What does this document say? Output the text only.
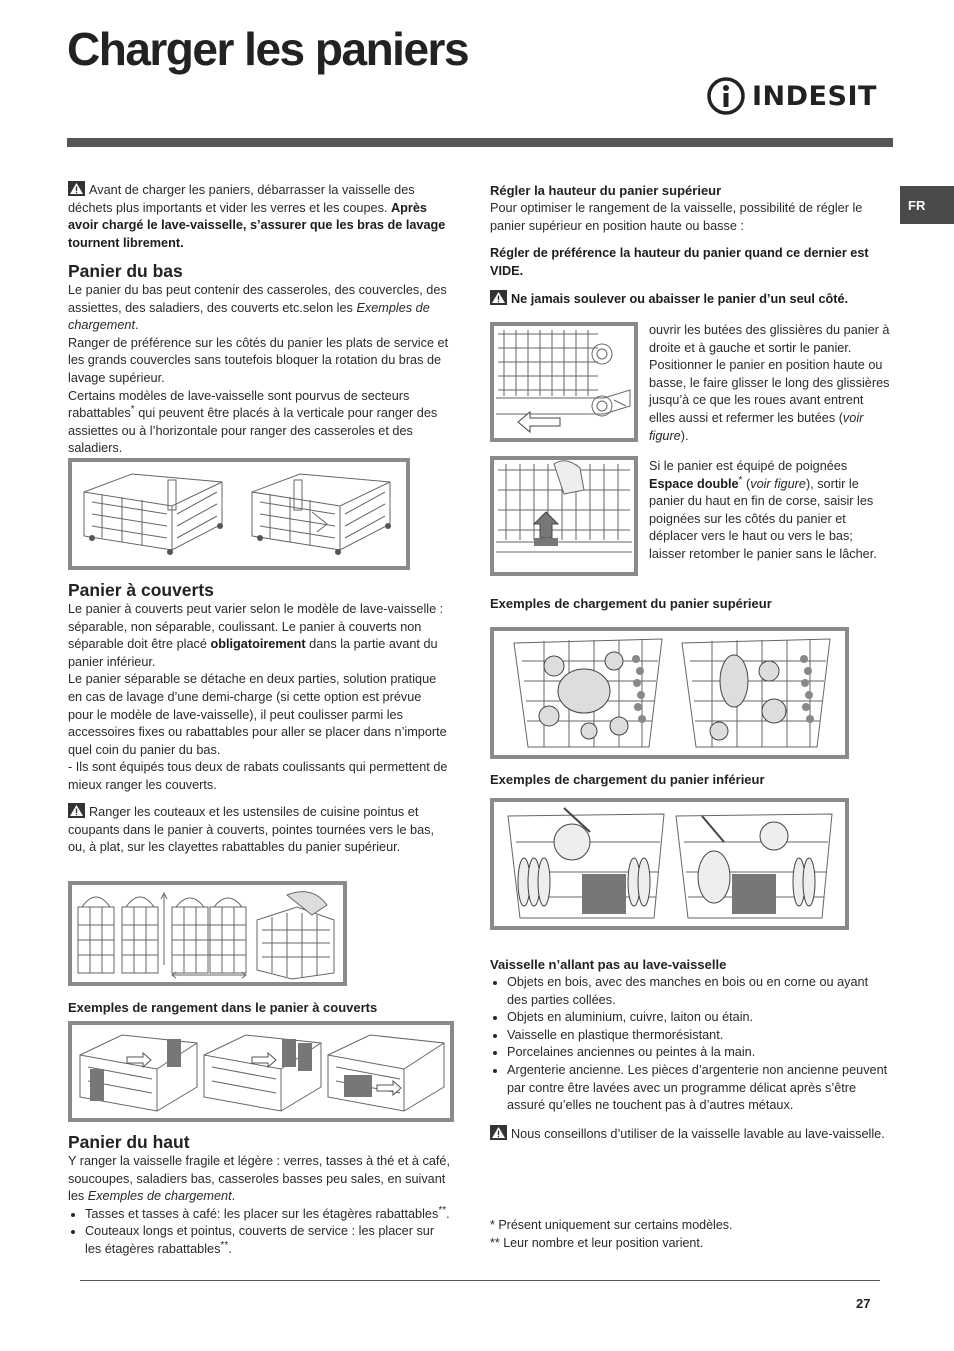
Charger les paniers
INDESIT
FR

Avant de charger les paniers, débarrasser la vaisselle des déchets plus importants et vider les verres et les coupes. Après avoir chargé le lave-vaisselle, s’assurer que les bras de lavage tournent librement.

Panier du bas

Le panier du bas peut contenir des casseroles, des couvercles, des assiettes, des saladiers, des couverts etc.selon les Exemples de chargement.

Ranger de préférence sur les côtés du panier les plats de service et les grands couvercles sans toutefois bloquer la rotation du bras de lavage supérieur.

Certains modèles de lave-vaisselle sont pourvus de secteurs rabattables* qui peuvent être placés à la verticale pour ranger des assiettes ou à l’horizontale pour ranger des casseroles et des saladiers.

Panier à couverts

Le panier à couverts peut varier selon le modèle de lave-vaisselle : séparable, non séparable, coulissant. Le panier à couverts non séparable doit être placé obligatoirement dans la partie avant du panier inférieur.

Le panier séparable se détache en deux parties, solution pratique en cas de lavage d’une demi-charge (si cette option est prévue pour le modèle de lave-vaisselle), il peut coulisser parmi les accessoires fixes ou rabattables pour aller se placer dans n’importe quel coin du panier du bas.

- Ils sont équipés tous deux de rabats coulissants qui permettent de mieux ranger les couverts.

Ranger les couteaux et les ustensiles de cuisine pointus et coupants dans le panier à couverts, pointes tournées vers le bas, ou, à plat, sur les clayettes rabattables du panier supérieur.

Exemples de rangement dans le panier à couverts
Panier du haut

Y ranger la vaisselle fragile et légère : verres, tasses à thé et à café, soucoupes, saladiers bas, casseroles basses peu sales, en suivant les Exemples de chargement.

• Tasses et tasses à café: les placer sur les étagères rabattables**.
• Couteaux longs et pointus, couverts de service : les placer sur les étagères rabattables**.
Régler la hauteur du panier supérieur

Pour optimiser le rangement de la vaisselle, possibilité de régler le panier supérieur en position haute ou basse :

Régler de préférence la hauteur du panier quand ce dernier est VIDE.

Ne jamais soulever ou abaisser le panier d’un seul côté.

ouvrir les butées des glissières du panier à droite et à gauche et sortir le panier. Positionner le panier en position haute ou basse, le faire glisser le long des glissières jusqu’à ce que les roues avant entrent elles aussi et refermer les butées (voir figure).

Si le panier est équipé de poignées Espace double* (voir figure), sortir le panier du haut en fin de corse, saisir les poignées sur les côtés du panier et déplacer vers le haut ou vers le bas; laisser retomber le panier sans le lâcher.

Exemples de chargement du panier supérieur
Exemples de chargement du panier inférieur
Vaisselle n’allant pas au lave-vaisselle
• Objets en bois, avec des manches en bois ou en corne ou ayant des parties collées.
• Objets en aluminium, cuivre, laiton ou étain.
• Vaisselle en plastique thermorésistant.
• Porcelaines anciennes ou peintes à la main.
• Argenterie ancienne. Les pièces d’argenterie non ancienne peuvent par contre être lavées avec un programme délicat après s’être assuré qu’elles ne touchent pas à d’autres métaux.

Nous conseillons d’utiliser de la vaisselle lavable au lave-vaisselle.

* Présent uniquement sur certains modèles.

** Leur nombre et leur position varient.

27
